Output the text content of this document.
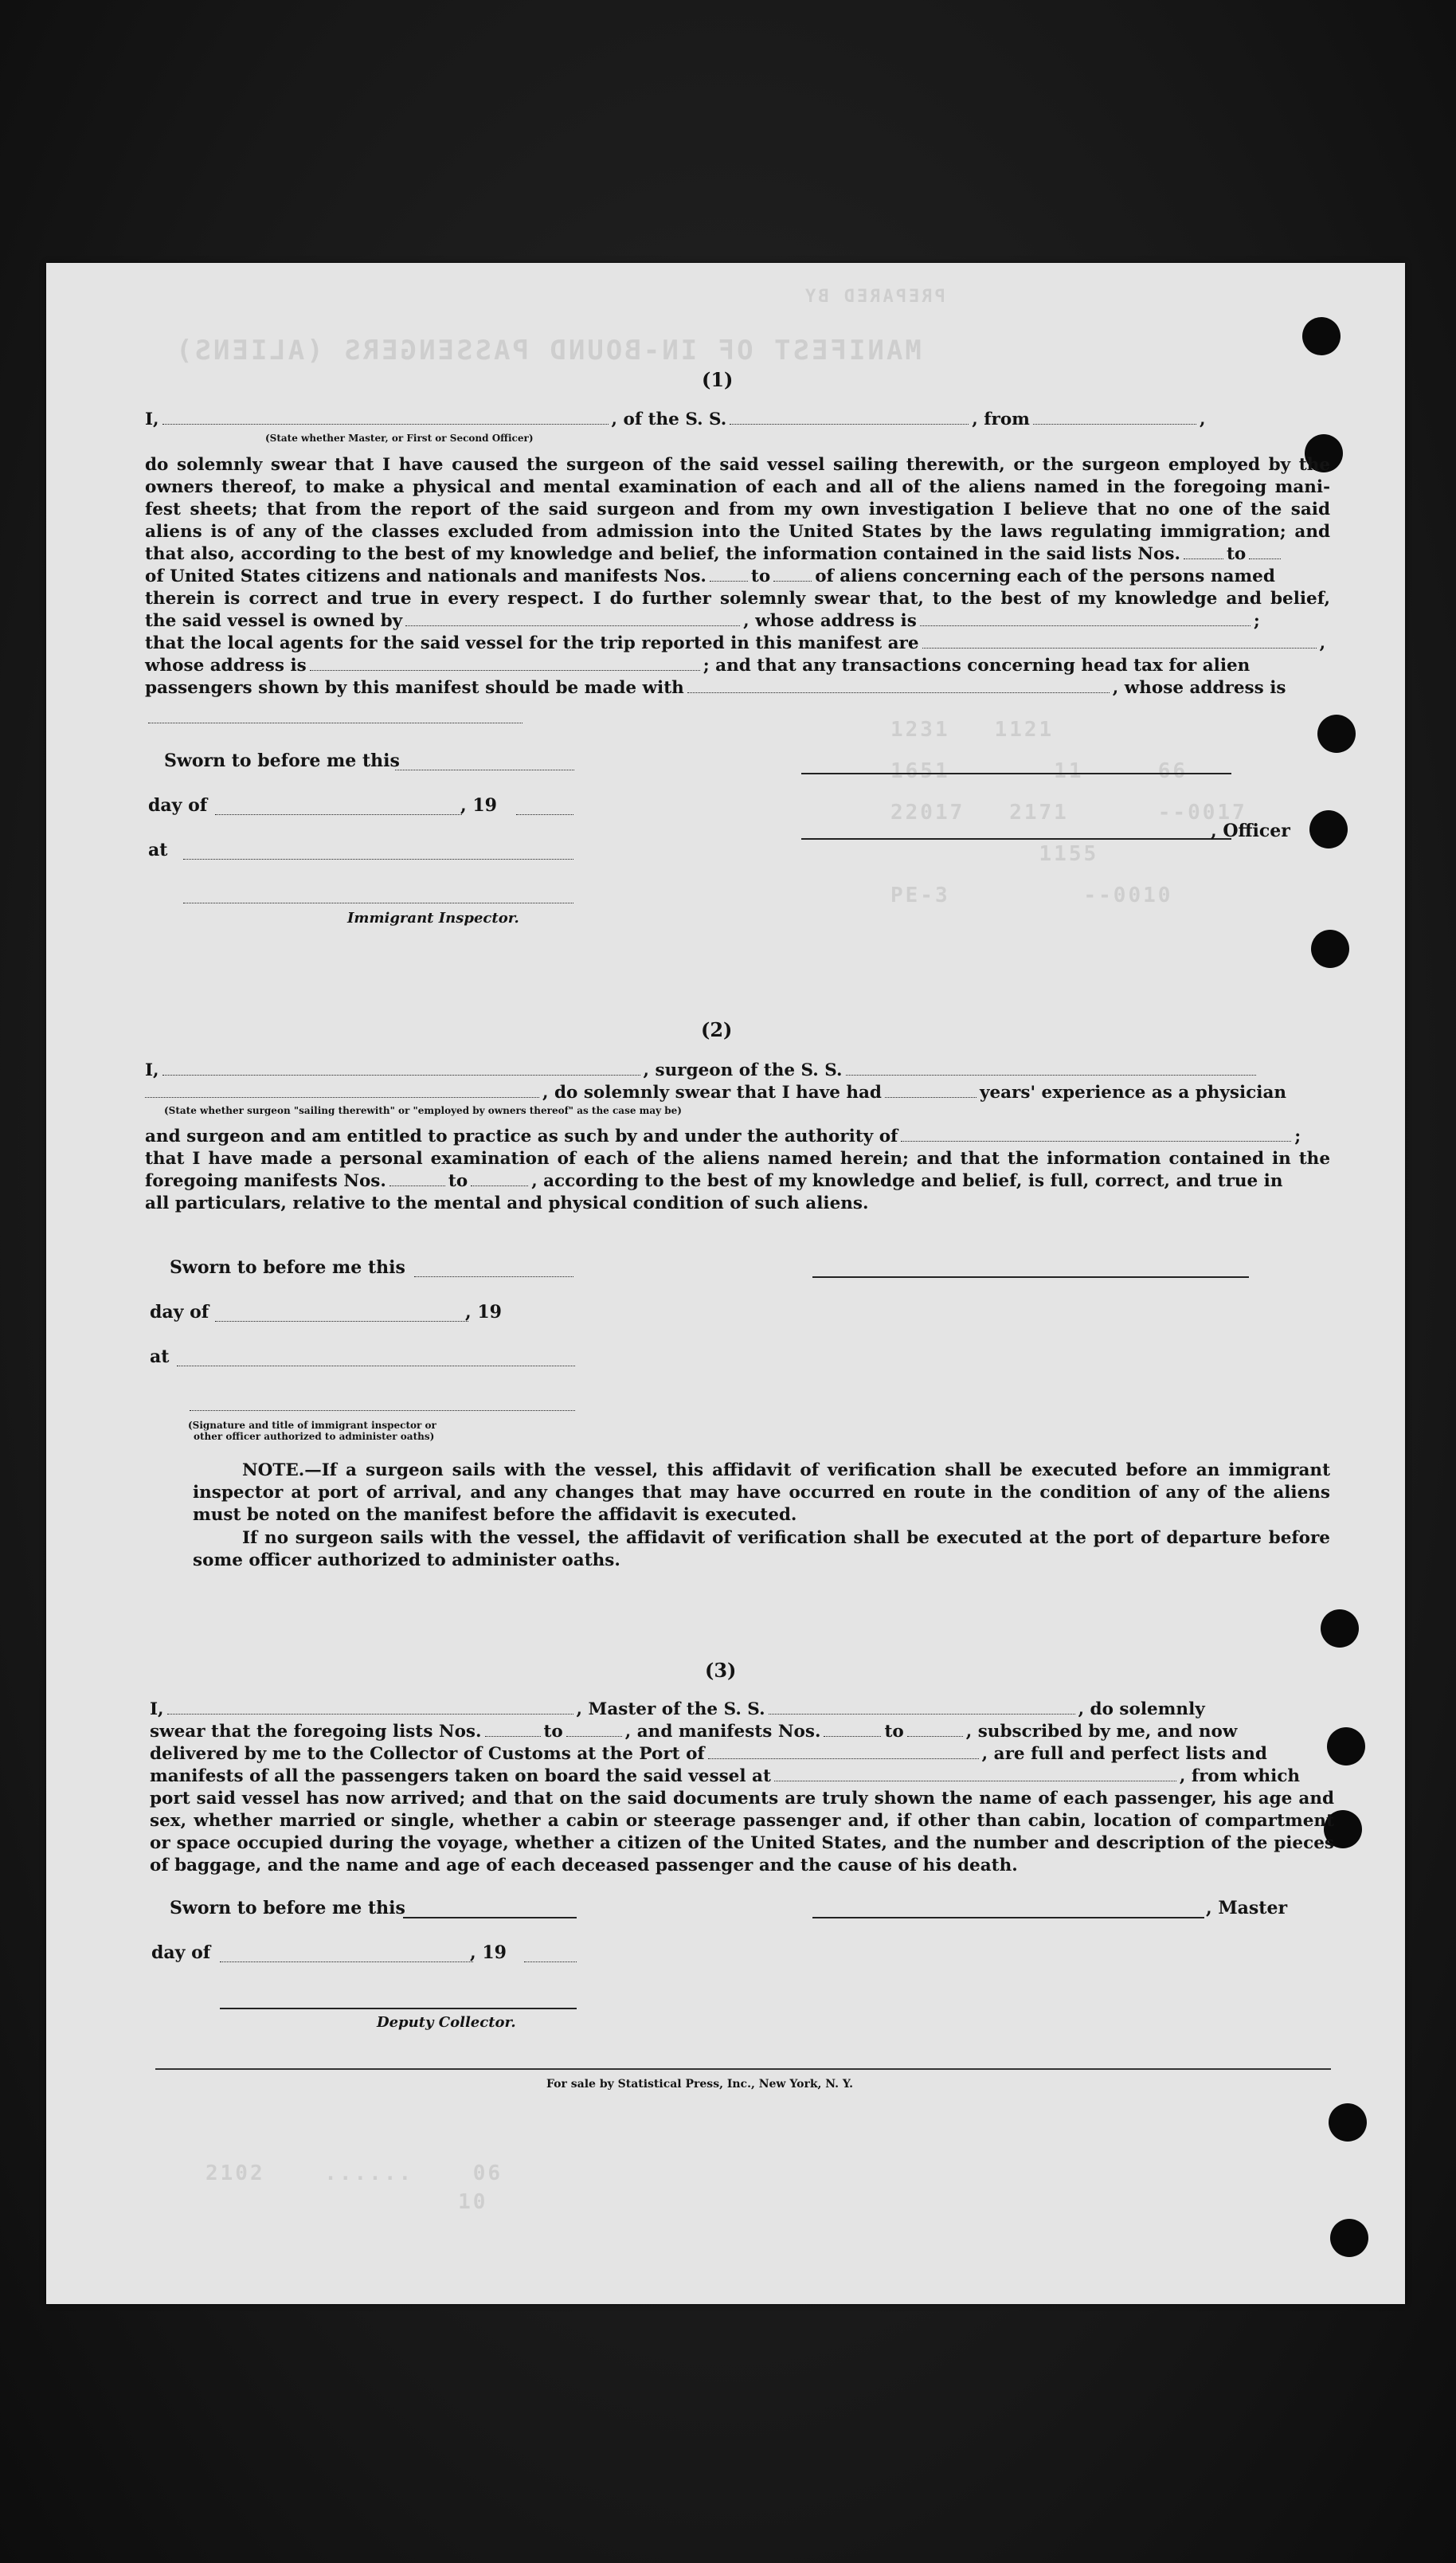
MANIFEST OF IN-BOUND PASSENGERS (ALIENS)
PREPARED BY
1231   1121
1651       11     66
22017   2171      --0017
1155
PE-3         --0010
(1)
I,	, of the S. S.	, from	,
(State whether Master, or First or Second Officer)
do solemnly swear that I have caused the surgeon of the said vessel sailing therewith, or the surgeon employed by the
owners thereof, to make a physical and mental examination of each and all of the aliens named in the foregoing mani-
fest sheets; that from the report of the said surgeon and from my own investigation I believe that no one of the said
aliens is of any of the classes excluded from admission into the United States by the laws regulating immigration; and
that also, according to the best of my knowledge and belief, the information contained in the said lists Nos.	to
of United States citizens and nationals and manifests Nos.	to	of aliens concerning each of the persons named
therein is correct and true in every respect. I do further solemnly swear that, to the best of my knowledge and belief,
the said vessel is owned by	, whose address is	;
that the local agents for the said vessel for the trip reported in this manifest are	,
whose address is	; and that any transactions concerning head tax for alien
passengers shown by this manifest should be made with	, whose address is
Sworn to before me this
day of	, 19
, Officer
at
Immigrant Inspector.
(2)
I,	, surgeon of the S. S.
, do solemnly swear that I have had	years' experience as a physician
(State whether surgeon "sailing therewith" or "employed by owners thereof" as the case may be)
and surgeon and am entitled to practice as such by and under the authority of	;
that I have made a personal examination of each of the aliens named herein; and that the information contained in the
foregoing manifests Nos.	to	, according to the best of my knowledge and belief, is full, correct, and true in
all particulars, relative to the mental and physical condition of such aliens.
Sworn to before me this
day of	, 19
at
(Signature and title of immigrant inspector or
other officer authorized to administer oaths)
NOTE.—If a surgeon sails with the vessel, this affidavit of verification shall be executed before an immigrant inspector at port of arrival, and any changes that may have occurred en route in the condition of any of the aliens must be noted on the manifest before the affidavit is executed.
If no surgeon sails with the vessel, the affidavit of verification shall be executed at the port of departure before some officer authorized to administer oaths.
(3)
I,	, Master of the S. S.	, do solemnly
swear that the foregoing lists Nos.	to	, and manifests Nos.	to	, subscribed by me, and now
delivered by me to the Collector of Customs at the Port of	, are full and perfect lists and
manifests of all the passengers taken on board the said vessel at	, from which
port said vessel has now arrived; and that on the said documents are truly shown the name of each passenger, his age and
sex, whether married or single, whether a cabin or steerage passenger and, if other than cabin, location of compartment
or space occupied during the voyage, whether a citizen of the United States, and the number and description of the pieces
of baggage, and the name and age of each deceased passenger and the cause of his death.
Sworn to before me this	, Master
day of	, 19
Deputy Collector.
For sale by Statistical Press, Inc., New York, N. Y.
2102    ......    06
10
